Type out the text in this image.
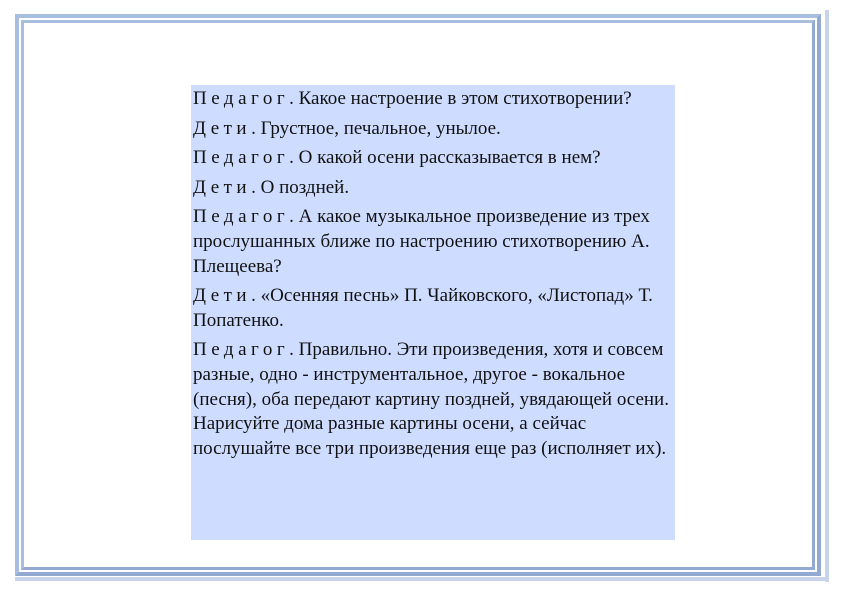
Педагог. Какое настроение в этом стихотворении?

Дети. Грустное, печальное, унылое.

Педагог. О какой осени рассказывается в нем?

Дети. О поздней.

Педагог. А какое музыкальное произведение из трех прослушанных ближе по настроению стихотворению А. Плещеева?

Дети. «Осенняя песнь» П. Чайковского, «Листопад» Т. Попатенко.

Педагог. Правильно. Эти произведения, хотя и совсем разные, одно - инструментальное, другое - вокальное (песня), оба передают картину поздней, увядающей осени. Нарисуйте дома разные картины осени, а сейчас послушайте все три произведения еще раз (исполняет их).
